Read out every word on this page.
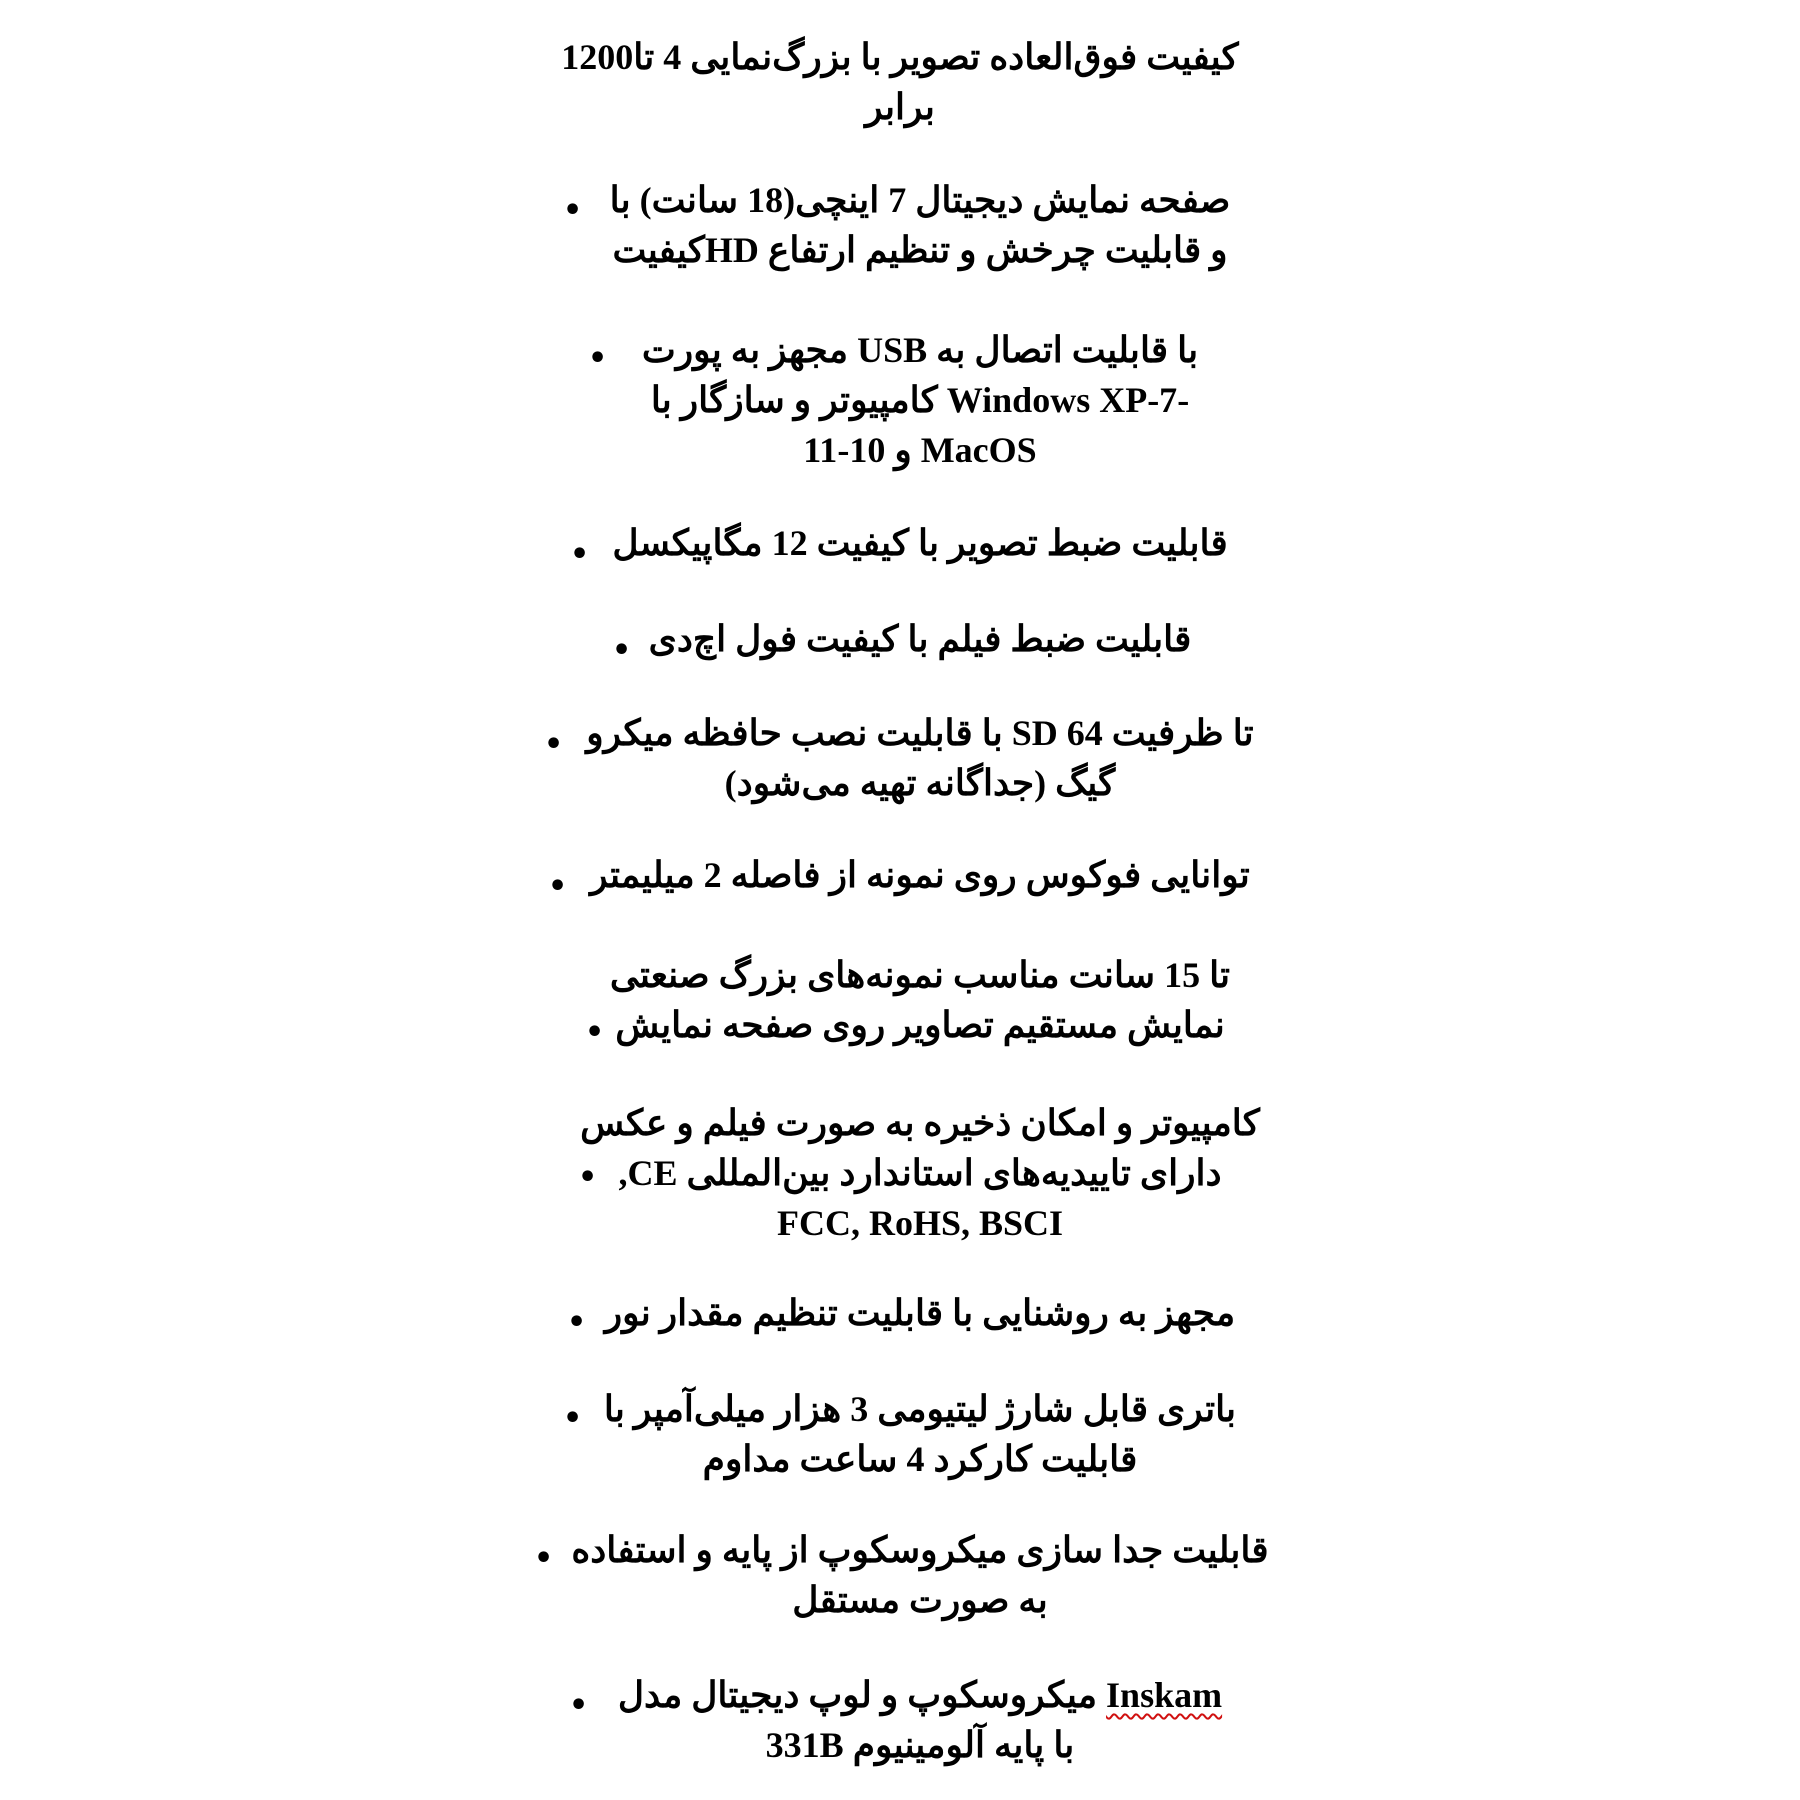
کیفیت فوق‌العاده تصویر با بزرگ‌نمایی 4 تا1200
برابر
صفحه نمایش دیجیتال 7 اینچی(18 سانت) با
و قابلیت چرخش و تنظیم ارتفاع HDکیفیت
•
با قابلیت اتصال به USB مجهز به پورت
-Windows XP-7 کامپیوتر و سازگار با
MacOS و 10-11
•
قابلیت ضبط تصویر با کیفیت 12 مگاپیکسل
•
قابلیت ضبط فیلم با کیفیت فول اچ‌دی
•
تا ظرفیت SD 64 با قابلیت نصب حافظه میکرو
گیگ (جداگانه تهیه می‌شود)
•
توانایی فوکوس روی نمونه از فاصله 2 میلیمتر
•
تا 15 سانت مناسب نمونه‌های بزرگ صنعتی
نمایش مستقیم تصاویر روی صفحه نمایش
•
کامپیوتر و امکان ذخیره به صورت فیلم و عکس
دارای تاییدیه‌های استاندارد بین‌المللی CE,
FCC, RoHS, BSCI
•
مجهز به روشنایی با قابلیت تنظیم مقدار نور
•
باتری قابل شارژ لیتیومی 3 هزار میلی‌آمپر با
قابلیت کارکرد 4 ساعت مداوم
•
قابلیت جدا سازی میکروسکوپ از پایه و استفاده
به صورت مستقل
•
Inskam میکروسکوپ و لوپ دیجیتال مدل
با پایه آلومینیوم 331B
•
